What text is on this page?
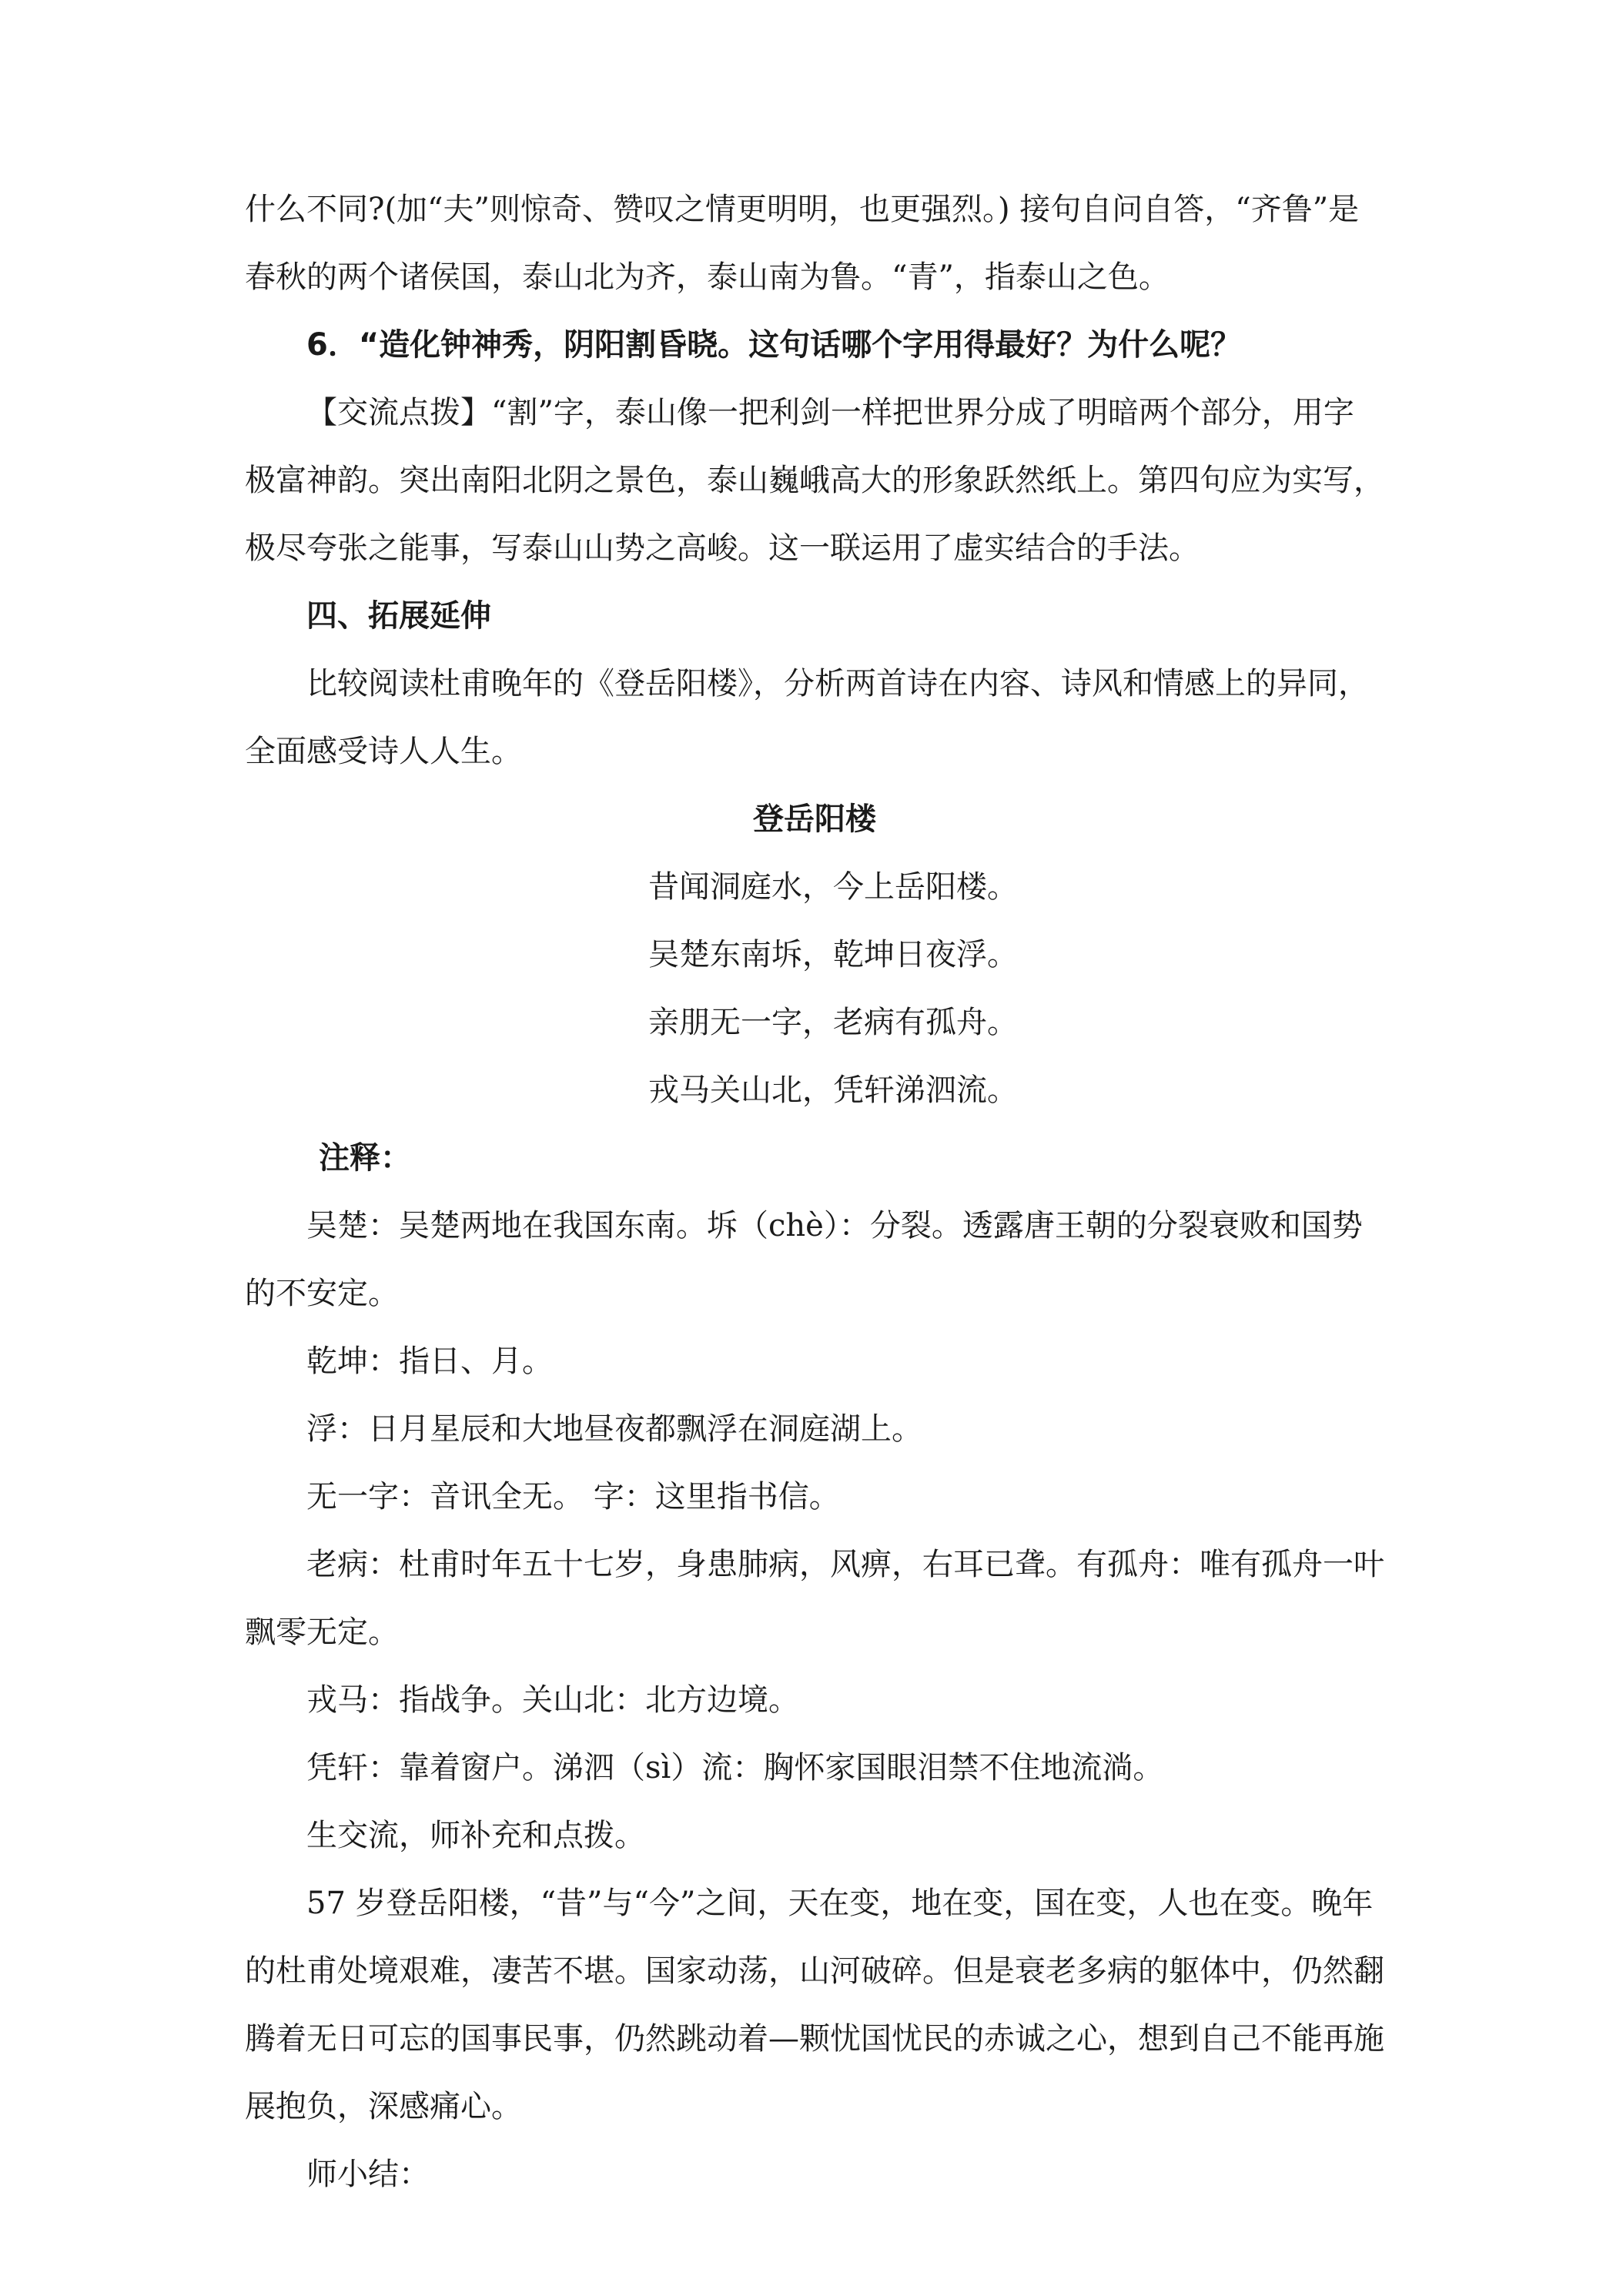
什么不同?(加“夫”则惊奇、赞叹之情更明明，也更强烈。) 接句自问自答，“齐鲁”是春秋的两个诸侯国，泰山北为齐，泰山南为鲁。“青”，指泰山之色。

6．“造化钟神秀，阴阳割昏晓。这句话哪个字用得最好？为什么呢？

【交流点拨】“割”字，泰山像一把利剑一样把世界分成了明暗两个部分，用字极富神韵。突出南阳北阴之景色，泰山巍峨高大的形象跃然纸上。第四句应为实写，极尽夸张之能事，写泰山山势之高峻。这一联运用了虚实结合的手法。

四、拓展延伸

比较阅读杜甫晚年的《登岳阳楼》，分析两首诗在内容、诗风和情感上的异同，全面感受诗人人生。

登岳阳楼

昔闻洞庭水，今上岳阳楼。

吴楚东南坼，乾坤日夜浮。

亲朋无一字，老病有孤舟。

戎马关山北，凭轩涕泗流。

注释：

吴楚：吴楚两地在我国东南。坼（chè）：分裂。透露唐王朝的分裂衰败和国势的不安定。

乾坤：指日、月。

浮：日月星辰和大地昼夜都飘浮在洞庭湖上。

无一字：音讯全无。 字：这里指书信。

老病：杜甫时年五十七岁，身患肺病，风痹，右耳已聋。有孤舟：唯有孤舟一叶飘零无定。

戎马：指战争。关山北：北方边境。

凭轩：靠着窗户。涕泗（sì）流：胸怀家国眼泪禁不住地流淌。

生交流，师补充和点拨。

57 岁登岳阳楼，“昔”与“今”之间，天在变，地在变，国在变，人也在变。晚年的杜甫处境艰难，凄苦不堪。国家动荡，山河破碎。但是衰老多病的躯体中，仍然翻腾着无日可忘的国事民事，仍然跳动着—颗忧国忧民的赤诚之心，想到自己不能再施展抱负，深感痛心。

师小结：
